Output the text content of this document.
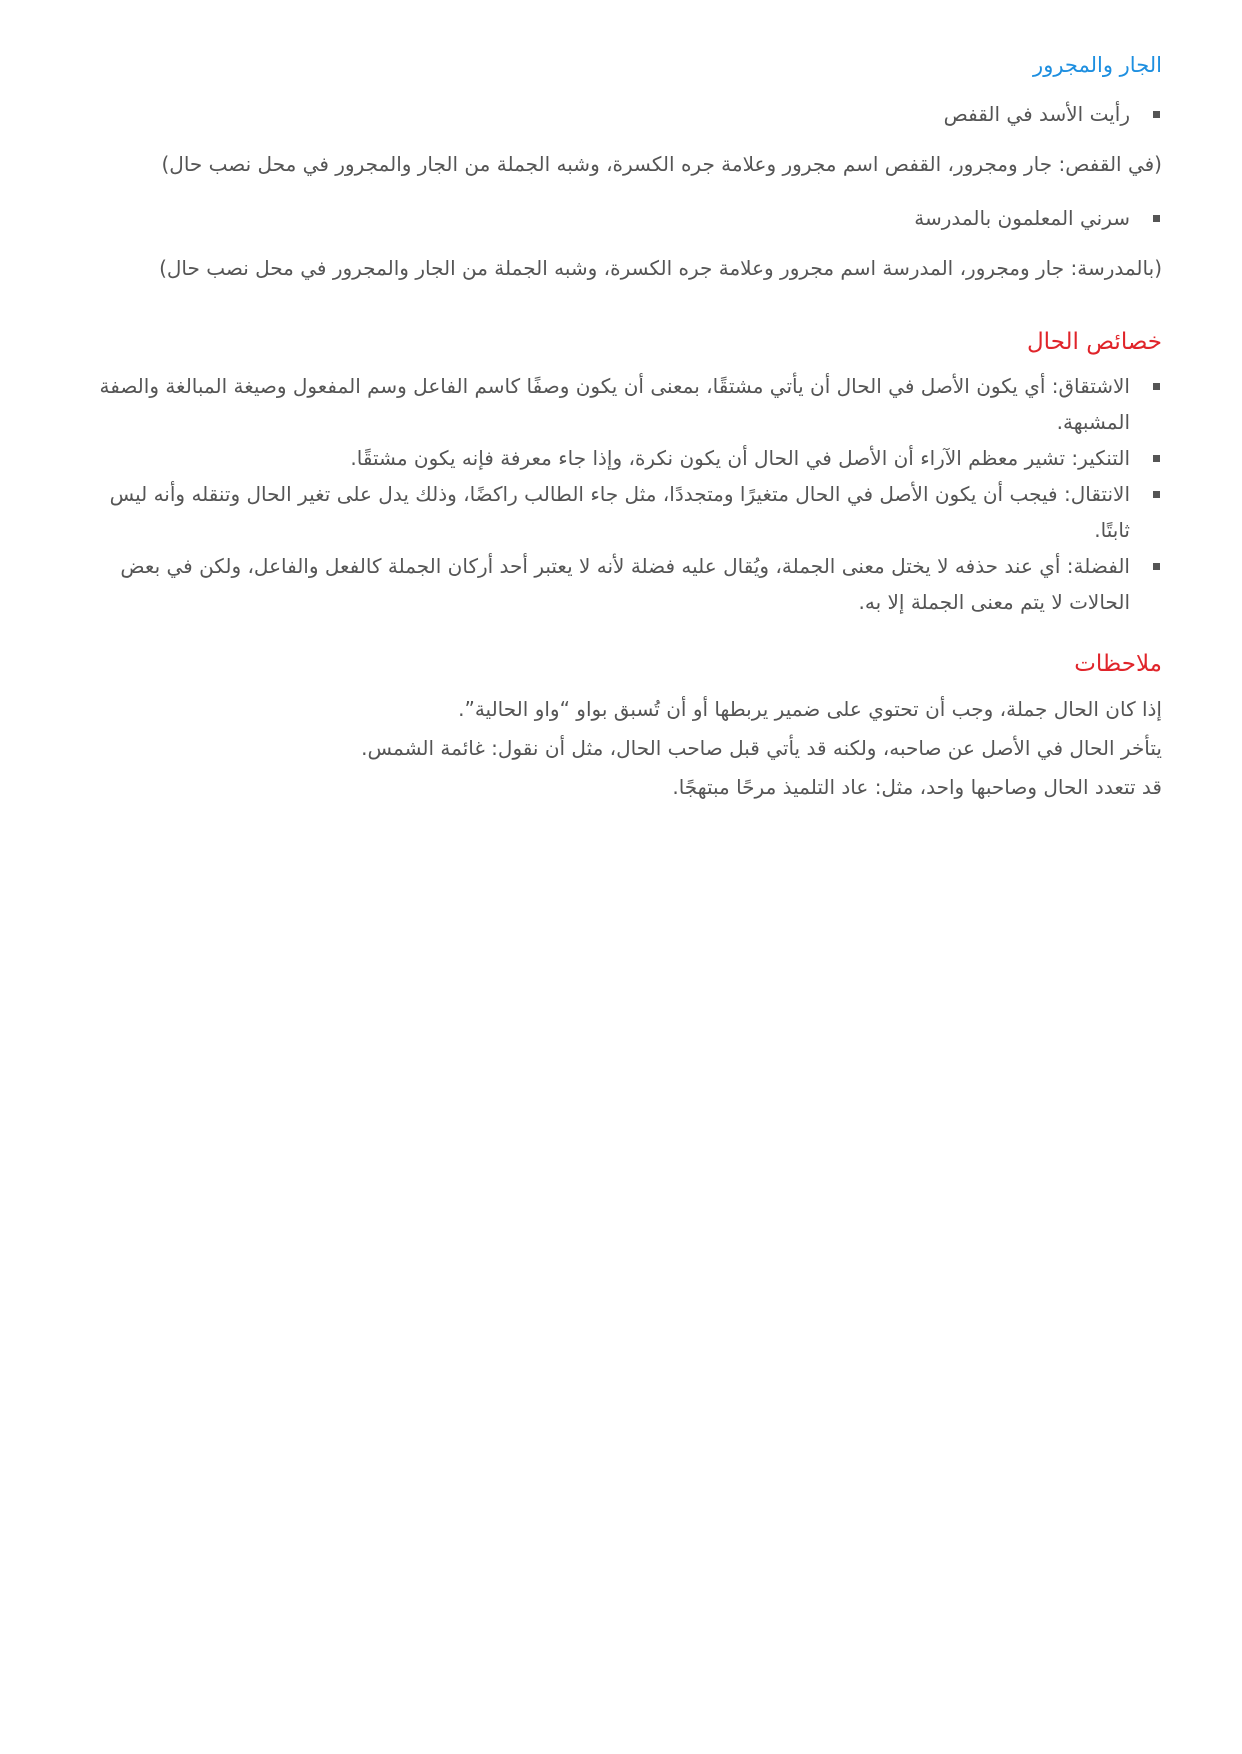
الجار والمجرور
رأيت الأسد في القفص

(في القفص: جار ومجرور، القفص اسم مجرور وعلامة جره الكسرة، وشبه الجملة من الجار والمجرور في محل نصب حال)

سرني المعلمون بالمدرسة

(بالمدرسة: جار ومجرور، المدرسة اسم مجرور وعلامة جره الكسرة، وشبه الجملة من الجار والمجرور في محل نصب حال)

خصائص الحال
الاشتقاق: أي يكون الأصل في الحال أن يأتي مشتقًا، بمعنى أن يكون وصفًا كاسم الفاعل وسم المفعول وصيغة المبالغة والصفة المشبهة.
التنكير: تشير معظم الآراء أن الأصل في الحال أن يكون نكرة، وإذا جاء معرفة فإنه يكون مشتقًا.
الانتقال: فيجب أن يكون الأصل في الحال متغيرًا ومتجددًا، مثل جاء الطالب راكضًا، وذلك يدل على تغير الحال وتنقله وأنه ليس ثابتًا.
الفضلة: أي عند حذفه لا يختل معنى الجملة، ويُقال عليه فضلة لأنه لا يعتبر أحد أركان الجملة كالفعل والفاعل، ولكن في بعض الحالات لا يتم معنى الجملة إلا به.
ملاحظات

إذا كان الحال جملة، وجب أن تحتوي على ضمير يربطها أو أن تُسبق بواو “واو الحالية”.

يتأخر الحال في الأصل عن صاحبه، ولكنه قد يأتي قبل صاحب الحال، مثل أن نقول: غائمة الشمس.

قد تتعدد الحال وصاحبها واحد، مثل: عاد التلميذ مرحًا مبتهجًا.
